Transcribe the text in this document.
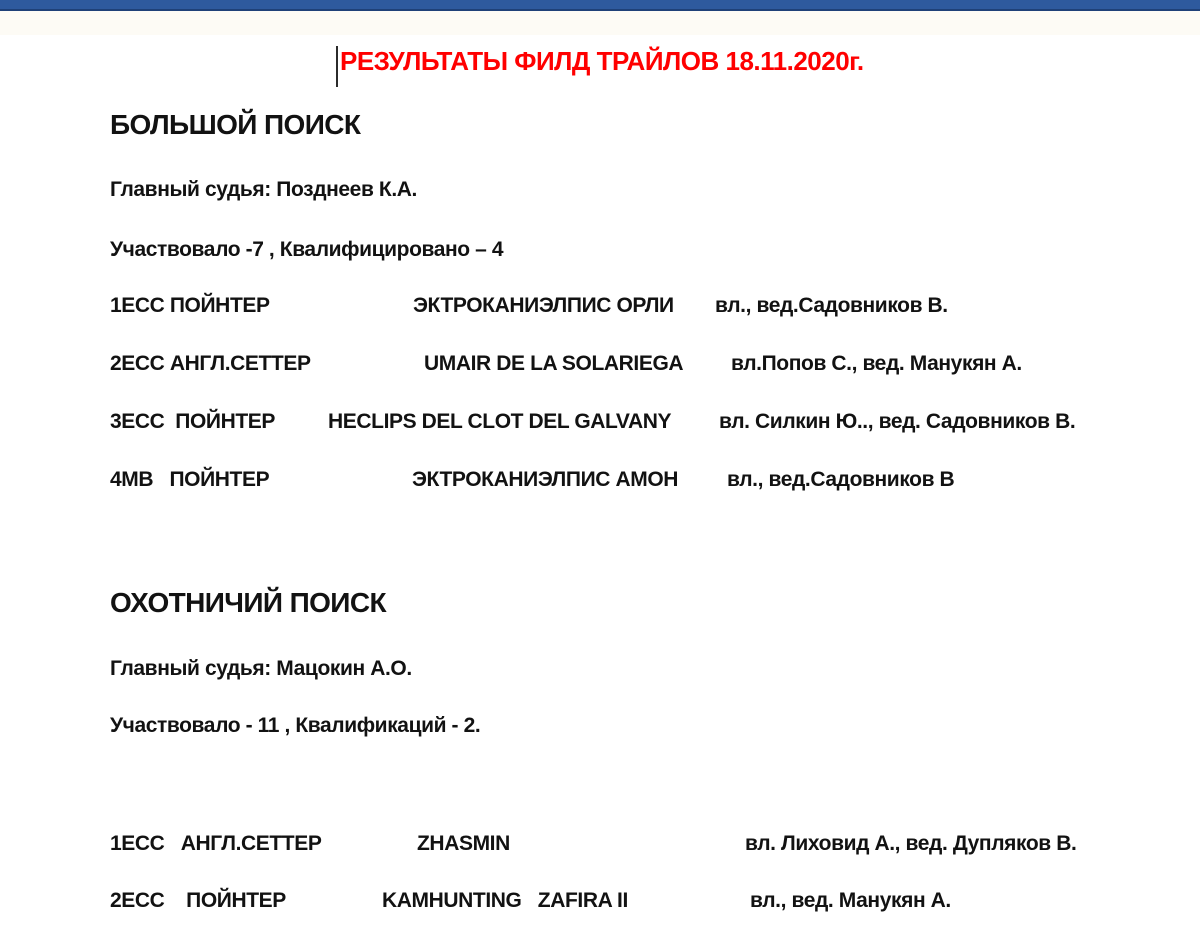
РЕЗУЛЬТАТЫ ФИЛД ТРАЙЛОВ 18.11.2020г.
БОЛЬШОЙ ПОИСК
Главный судья: Позднеев К.А.
Участвовало -7 , Квалифицировано – 4
1ЕСС ПОЙНТЕР	ЭКТРОКАНИЭЛПИС ОРЛИ вл., вед.Садовников В.
2ЕСС АНГЛ.СЕТТЕР	UMAIR DE LA SOLARIEGA вл.Попов С., вед. Манукян А.
3ЕСС  ПОЙНТЕР	HECLIPS DEL CLOT DEL GALVANY вл. Силкин Ю.., вед. Садовников В.
4МВ   ПОЙНТЕР	ЭКТРОКАНИЭЛПИС АМОН вл., вед.Садовников В
ОХОТНИЧИЙ ПОИСК
Главный судья: Мацокин А.О.
Участвовало - 11 , Квалификаций - 2.
1ЕСС   АНГЛ.СЕТТЕР	ZHASMIN	вл. Лиховид А., вед. Дупляков В.
2ЕСС    ПОЙНТЕР	KAMHUNTING   ZAFIRA II	вл., вед. Манукян А.
